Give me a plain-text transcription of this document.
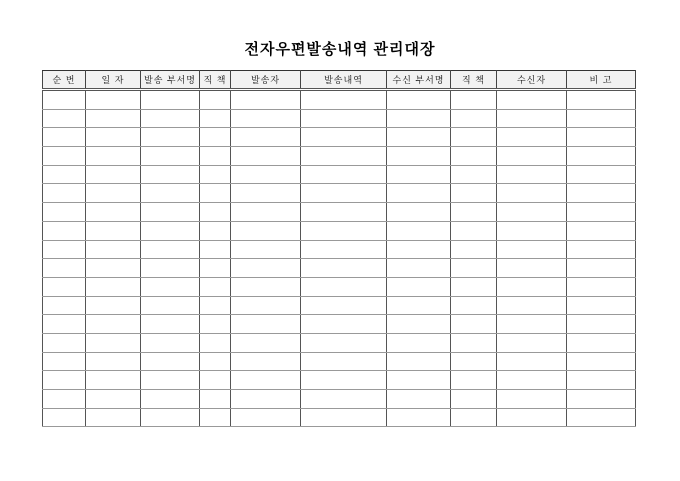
전자우편발송내역 관리대장
순 번	일 자	발송 부서명	직 책	발송자	발송내역	수신 부서명	직 책	수신자	비 고
